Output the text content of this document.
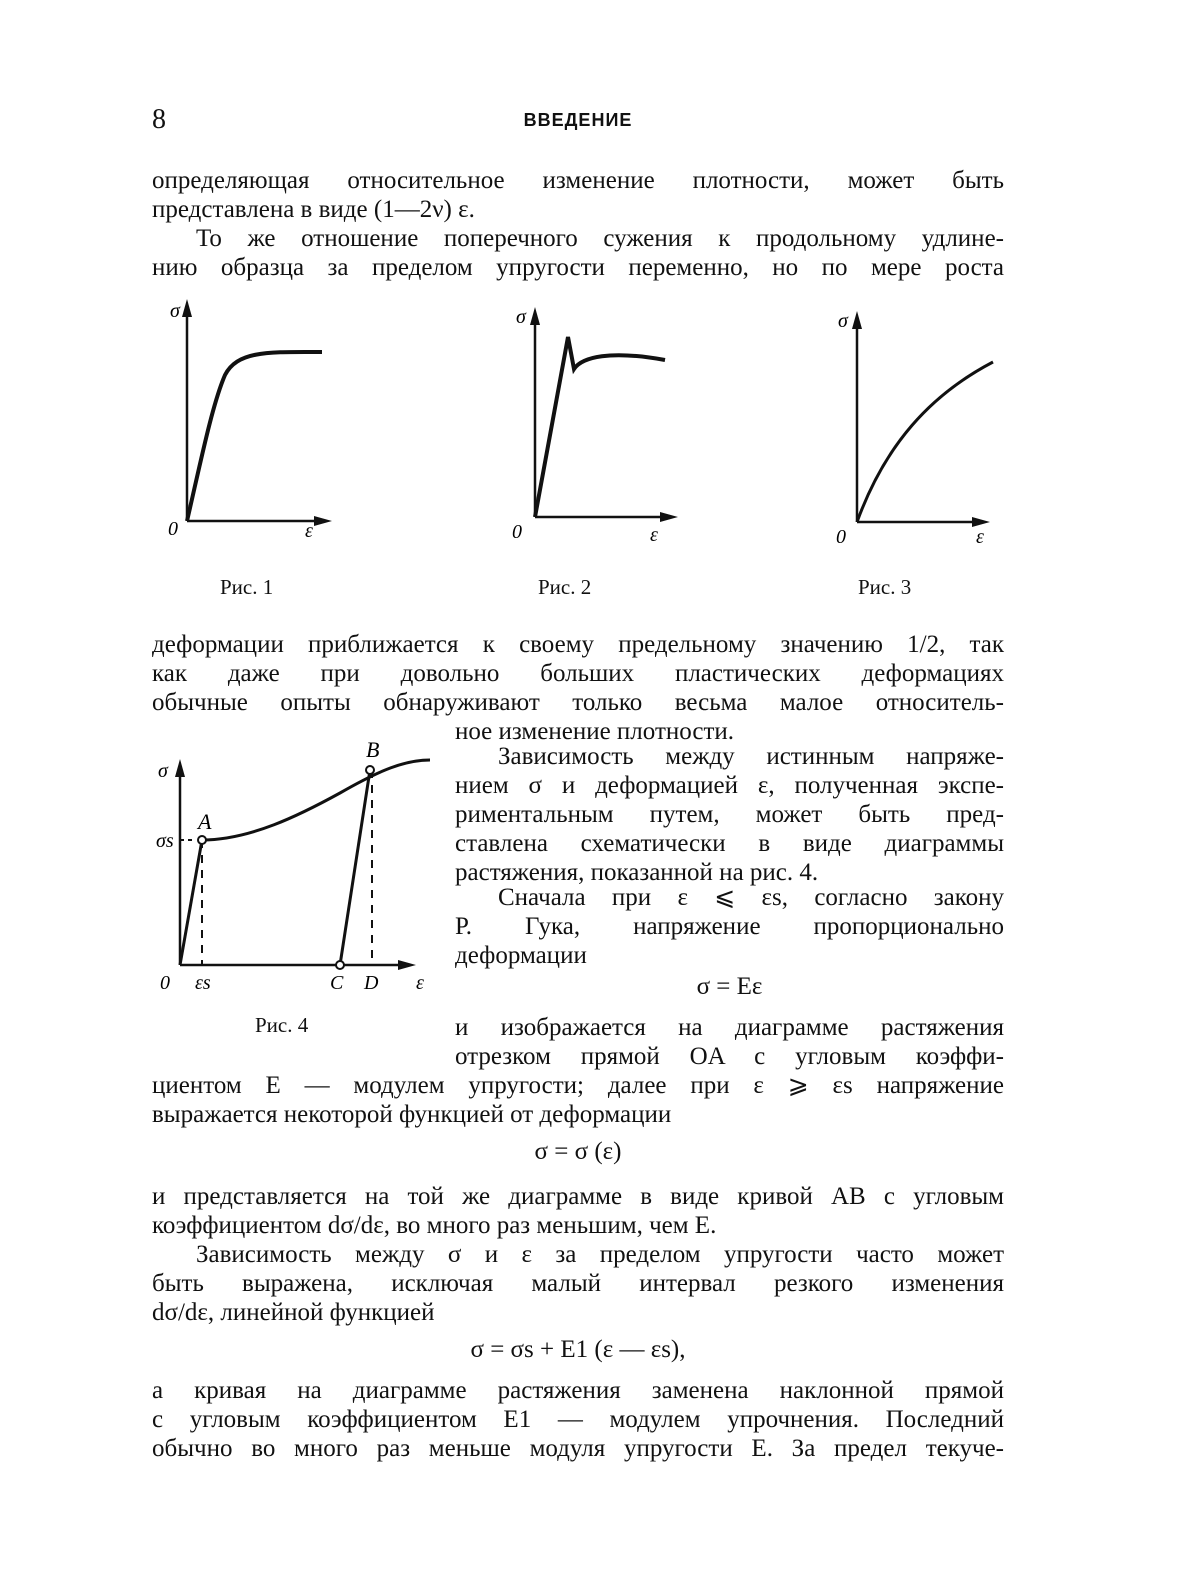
8	ВВЕДЕНИЕ
определяющая относительное изменение плотности, может быть
представлена в виде (1—2ν) ε.
То же отношение поперечного сужения к продольному удлине-
нию образца за пределом упругости переменно, но по мере роста
σ
0	ε
σ
0	ε
σ
0	ε
Рис. 1	Рис. 2	Рис. 3
деформации приближается к своему предельному значению 1/2, так
как даже при довольно больших пластических деформациях
обычные опыты обнаруживают только весьма малое относитель-
ное изменение плотности.
σ
σs
A
B
0 εs	C D ε
Рис. 4
Зависимость между истинным напряже-
нием σ и деформацией ε, полученная экспе-
риментальным путем, может быть пред-
ставлена схематически в виде диаграммы
растяжения, показанной на рис. 4.
Сначала при ε ⩽ εs, согласно закону
Р. Гука, напряжение пропорционально
деформации
σ = Eε
и изображается на диаграмме растяжения
отрезком прямой OA с угловым коэффи-
циентом E — модулем упругости; далее при ε ⩾ εs напряжение
выражается некоторой функцией от деформации
σ = σ (ε)
и представляется на той же диаграмме в виде кривой AB с угловым
коэффициентом dσ/dε, во много раз меньшим, чем E.
Зависимость между σ и ε за пределом упругости часто может
быть выражена, исключая малый интервал резкого изменения
dσ/dε, линейной функцией
σ = σs + E1 (ε — εs),
а кривая на диаграмме растяжения заменена наклонной прямой
с угловым коэффициентом E1 — модулем упрочнения. Последний
обычно во много раз меньше модуля упругости E. За предел текуче-
